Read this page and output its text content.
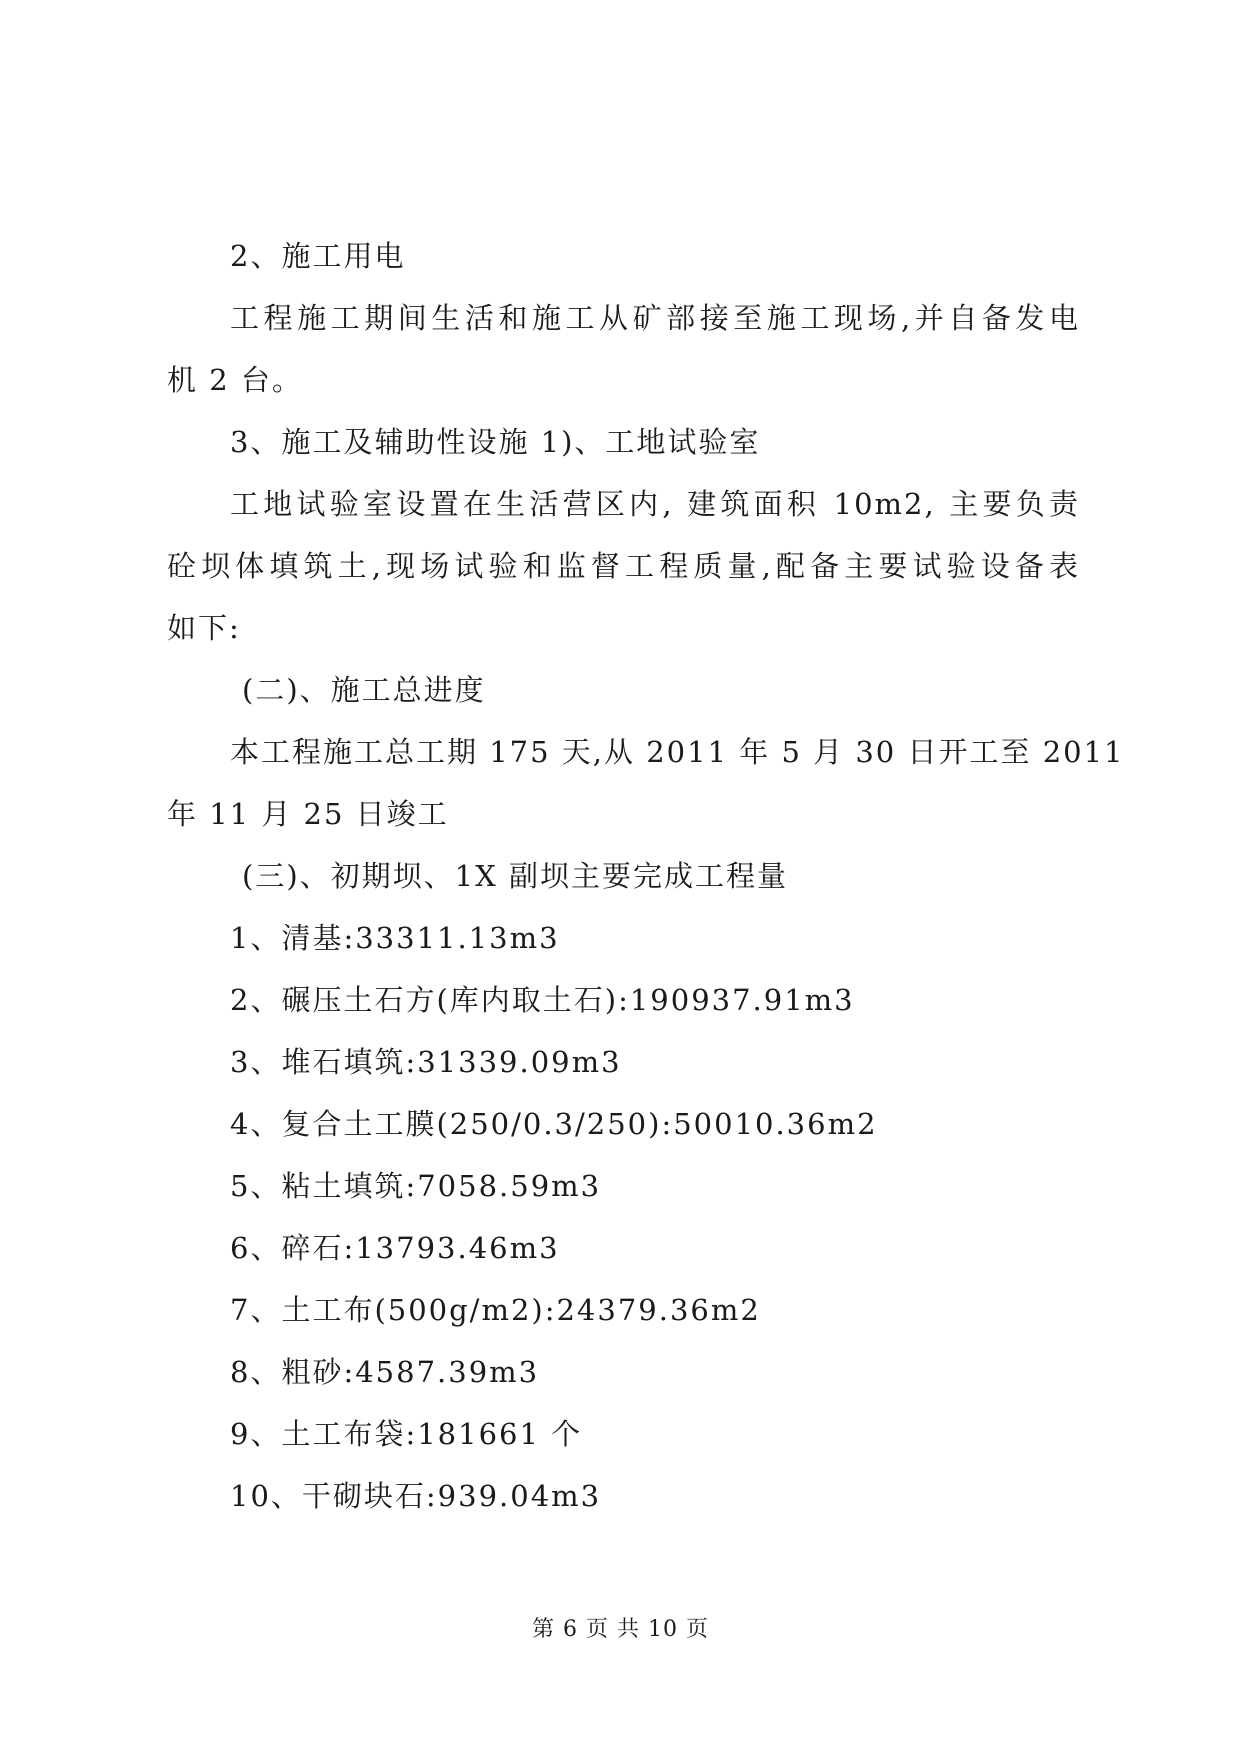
2、施工用电
工程施工期间生活和施工从矿部接至施工现场,并自备发电
机 2 台。
3、施工及辅助性设施 1)、工地试验室
工地试验室设置在生活营区内, 建筑面积 10m2, 主要负责
砼坝体填筑土,现场试验和监督工程质量,配备主要试验设备表
如下:
(二)、施工总进度
本工程施工总工期 175 天,从 2011 年 5 月 30 日开工至 2011
年 11 月 25 日竣工
(三)、初期坝、1X 副坝主要完成工程量
1、清基:33311.13m3
2、碾压土石方(库内取土石):190937.91m3
3、堆石填筑:31339.09m3
4、复合土工膜(250/0.3/250):50010.36m2
5、粘土填筑:7058.59m3
6、碎石:13793.46m3
7、土工布(500g/m2):24379.36m2
8、粗砂:4587.39m3
9、土工布袋:181661 个
10、干砌块石:939.04m3
第 6 页 共 10 页
